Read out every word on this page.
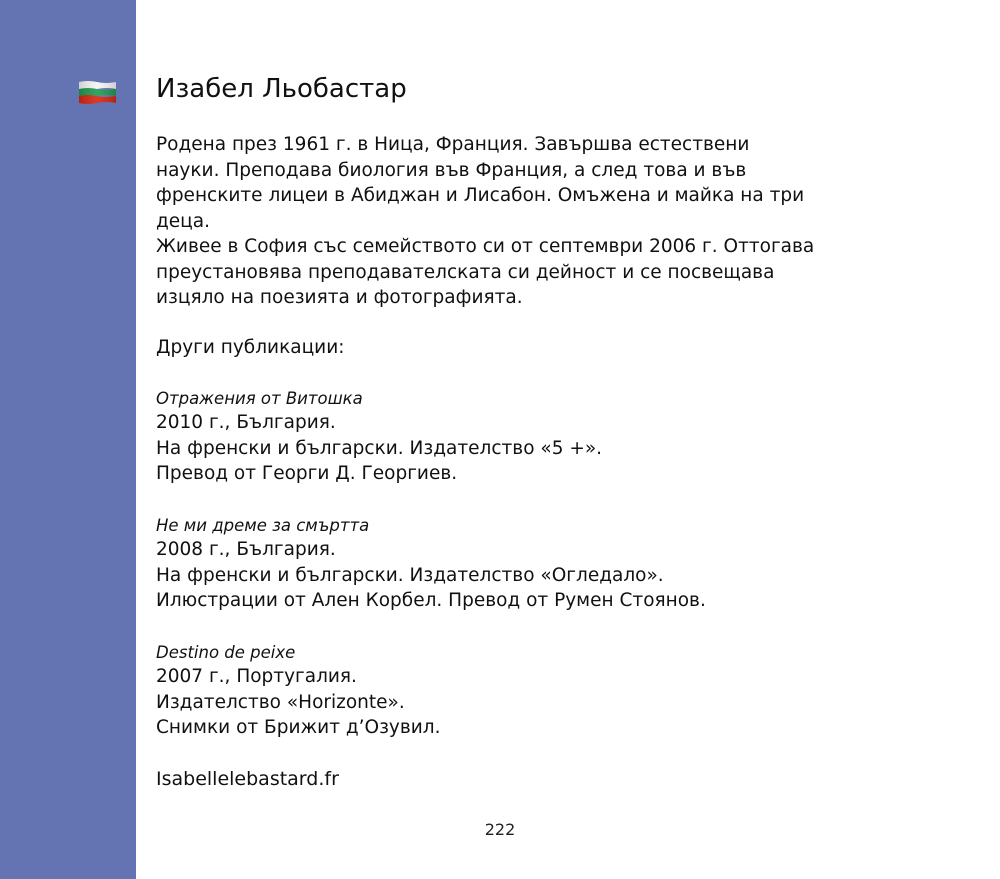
Изабел Льобастар

Родена през 1961 г. в Ница, Франция. Завършва естествени

науки. Преподава биология във Франция, а след това и във

френските лицеи в Абиджан и Лисабон. Омъжена и майка на три

деца.

Живее в София със семейството си от септември 2006 г. Оттогава

преустановява преподавателската си дейност и се посвещава

изцяло на поезията и фотографията.

Други публикации:
Отражения от Витошка
2010 г., България.
На френски и български. Издателство «5 +».
Превод от Георги Д. Георгиев.
Не ми дреме за смъртта
2008 г., България.
На френски и български. Издателство «Огледало».
Илюстрации от Ален Корбел. Превод от Румен Стоянов.
Destino de peixe
2007 г., Португалия.
Издателство «Horizonte».
Снимки от Брижит д’Озувил.
Isabellelebastard.fr
222
